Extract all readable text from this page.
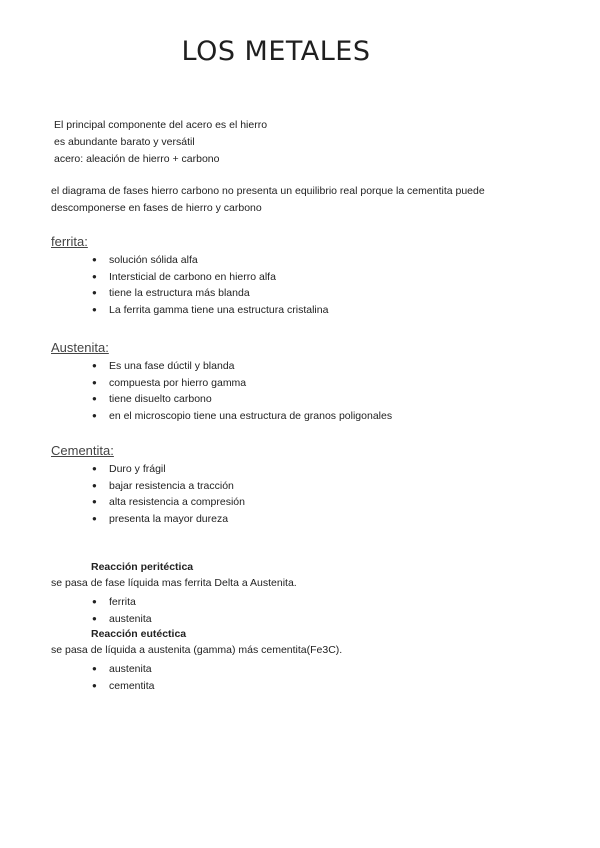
LOS METALES
El principal componente del acero es el hierro
es abundante barato y versátil
acero: aleación de hierro + carbono
el diagrama de fases hierro carbono no presenta un equilibrio real porque la cementita puede descomponerse en fases de hierro y carbono
ferrita:
● solución sólida alfa
● Intersticial de carbono en hierro alfa
● tiene la estructura más blanda
● La ferrita gamma tiene una estructura cristalina
Austenita:
● Es una fase dúctil y blanda
● compuesta por hierro gamma
● tiene disuelto carbono
● en el microscopio tiene una estructura de granos poligonales
Cementita:
● Duro y frágil
● bajar resistencia a tracción
● alta resistencia a compresión
● presenta la mayor dureza
Reacción peritéctica
se pasa de fase líquida mas ferrita Delta a Austenita.
● ferrita
● austenita
Reacción eutéctica
se pasa de líquida a austenita (gamma) más cementita(Fe3C).
● austenita
● cementita
